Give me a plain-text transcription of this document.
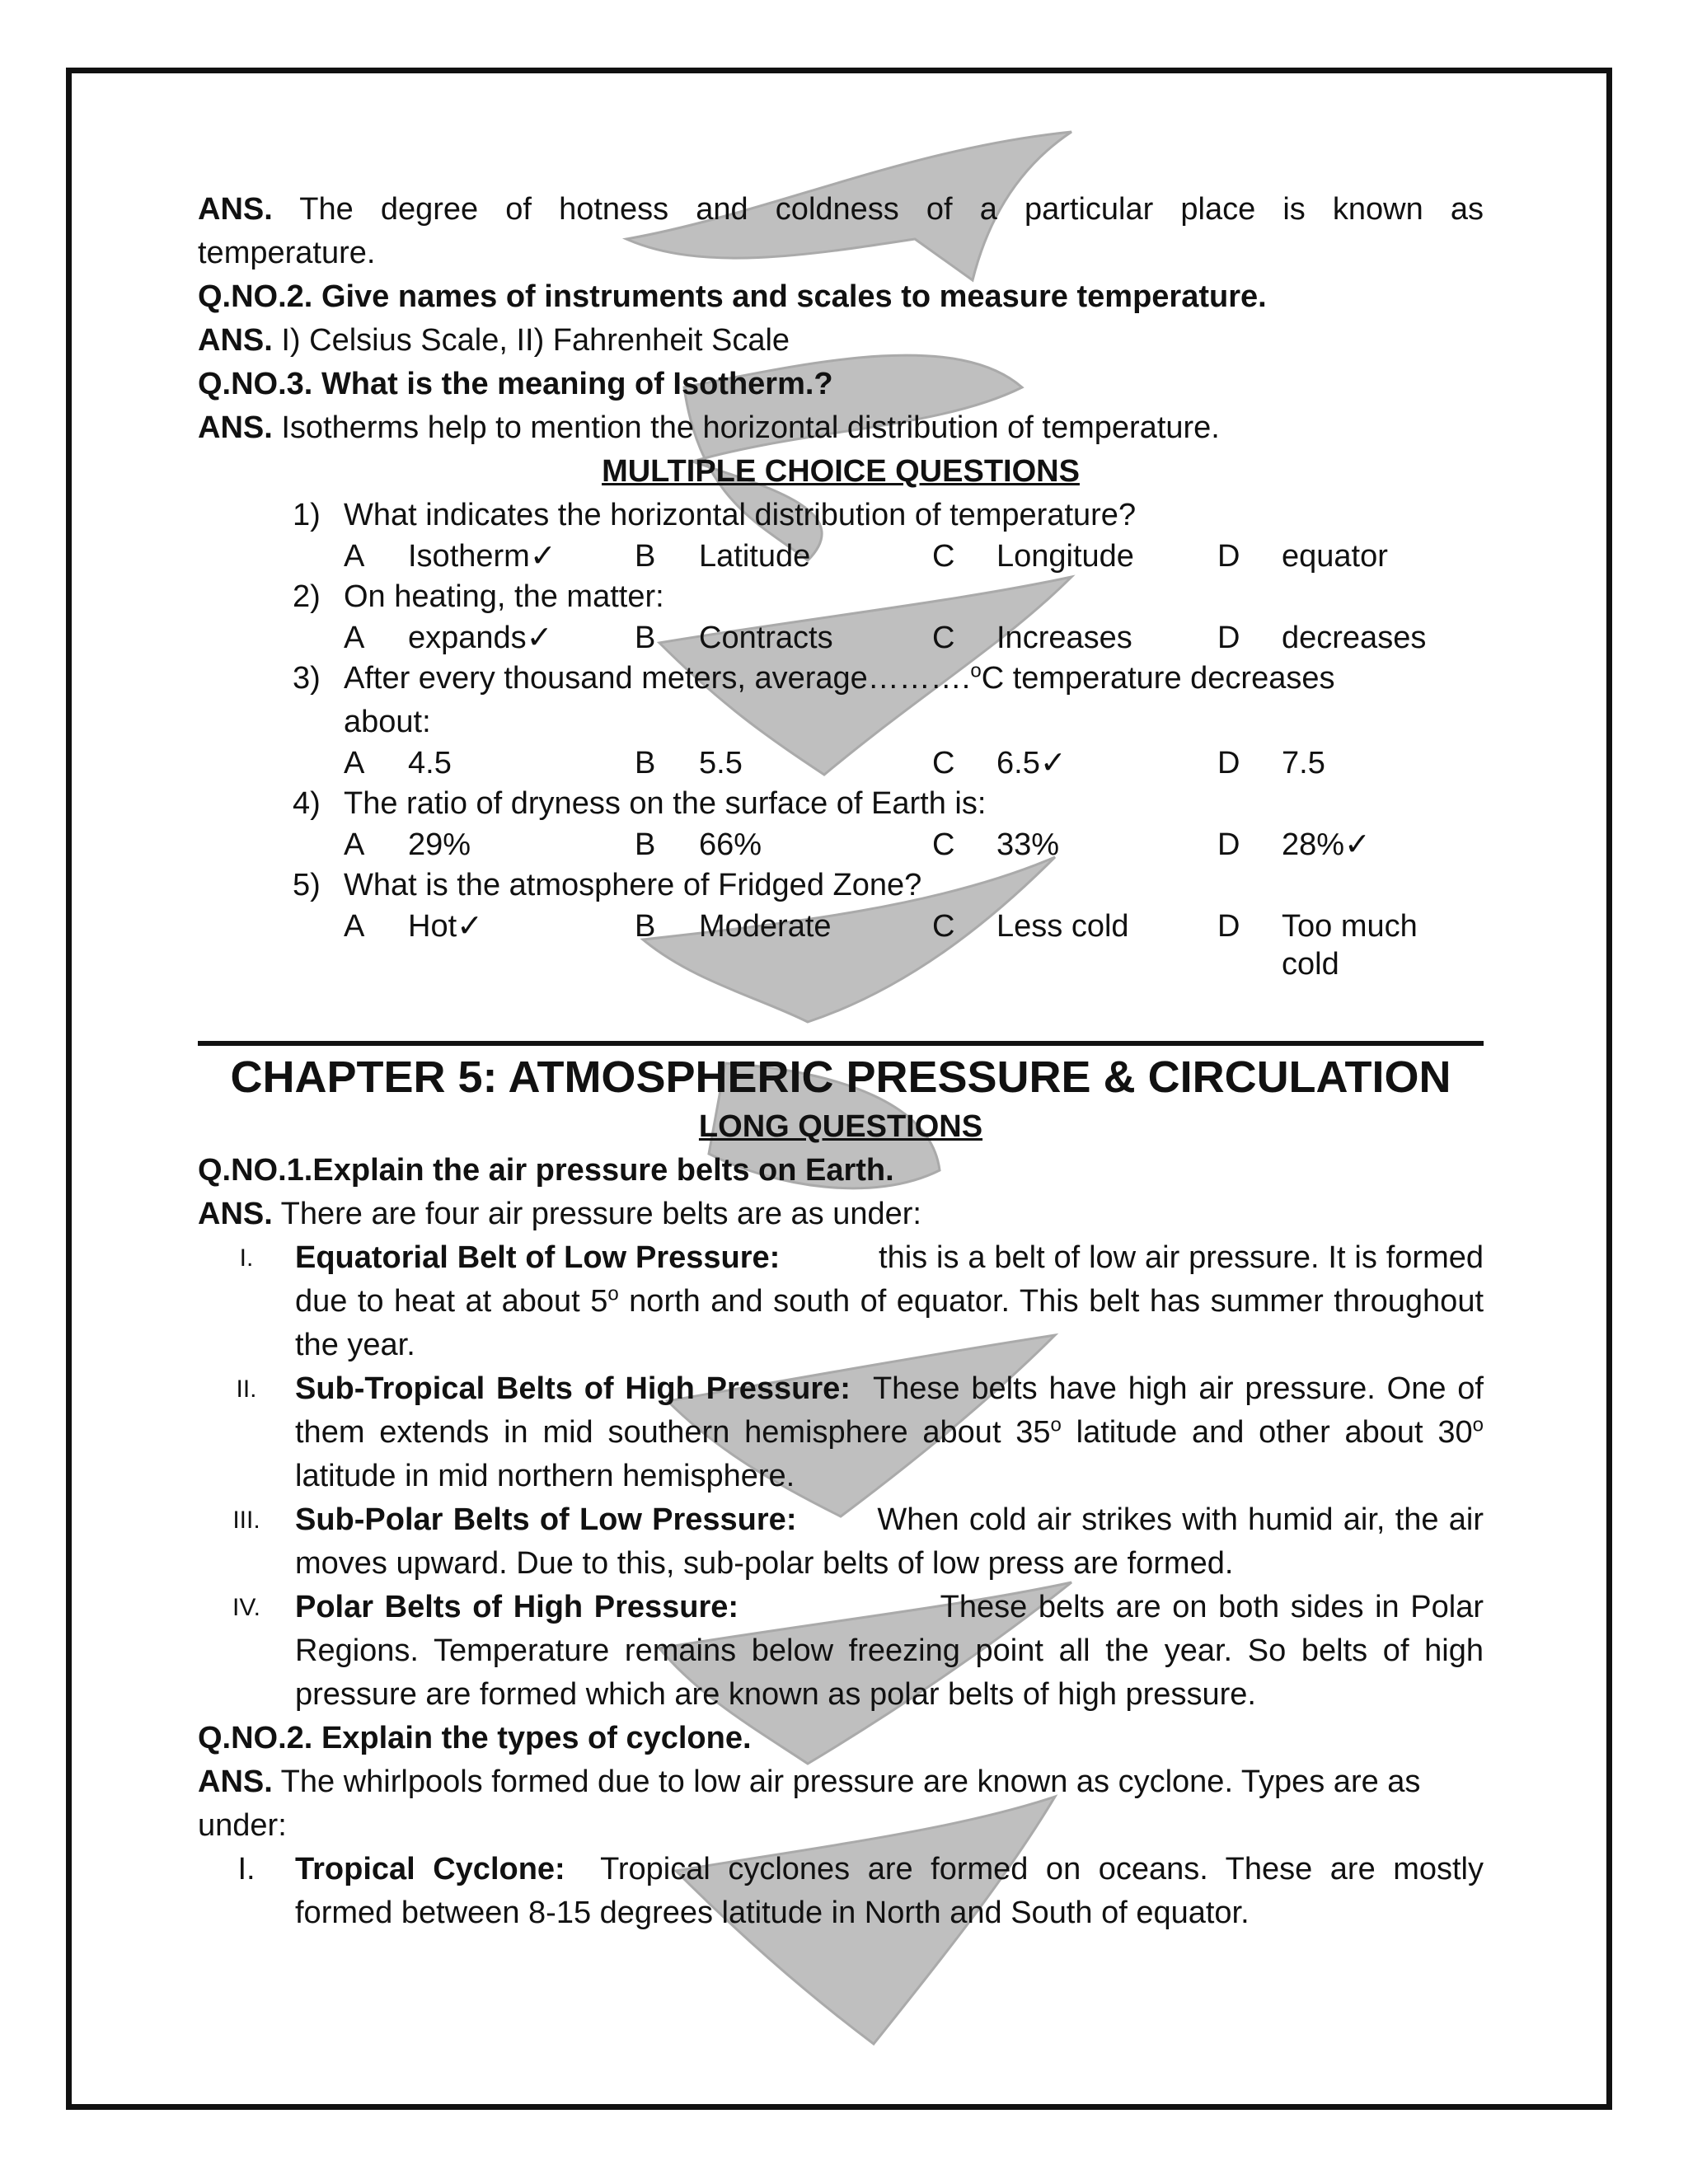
ANS. The degree of hotness and coldness of a particular place is known as

temperature.

Q.NO.2. Give names of instruments and scales to measure temperature.

ANS. I) Celsius Scale, II) Fahrenheit Scale

Q.NO.3. What is the meaning of Isotherm.?

ANS. Isotherms help to mention the horizontal distribution of temperature.

MULTIPLE CHOICE QUESTIONS

1) What indicates the horizontal distribution of temperature?
A	Isotherm✓	B	Latitude	C	Longitude	D	equator
2) On heating, the matter:
A	expands✓	B	Contracts	C	Increases	D	decreases
3) After every thousand meters, average……….$^o$C temperature decreases about:
A	4.5	B	5.5	C	6.5✓	D	7.5
4) The ratio of dryness on the surface of Earth is:
A	29%	B	66%	C	33%	D	28%✓
5) What is the atmosphere of Fridged Zone?
A	Hot✓	B	Moderate	C	Less cold	D	Too much cold

CHAPTER 5: ATMOSPHERIC PRESSURE & CIRCULATION

LONG QUESTIONS

Q.NO.1.Explain the air pressure belts on Earth.

ANS. There are four air pressure belts are as under:

I.	Equatorial Belt of Low Pressure:	this is a belt of low air pressure. It is formed due to heat at about 5$^o$ north and south of equator. This belt has summer throughout the year.

II.	Sub-Tropical Belts of High Pressure: These belts have high air pressure. One of them extends in mid southern hemisphere about 35$^o$ latitude and other about 30$^o$ latitude in mid northern hemisphere.

III.	Sub-Polar Belts of Low Pressure:	When cold air strikes with humid air, the air moves upward. Due to this, sub-polar belts of low press are formed.

IV.	Polar Belts of High Pressure:	These belts are on both sides in Polar Regions. Temperature remains below freezing point all the year. So belts of high pressure are formed which are known as polar belts of high pressure.

Q.NO.2. Explain the types of cyclone.

ANS. The whirlpools formed due to low air pressure are known as cyclone. Types are as under:

I.	Tropical Cyclone: Tropical cyclones are formed on oceans. These are mostly formed between 8-15 degrees latitude in North and South of equator.
